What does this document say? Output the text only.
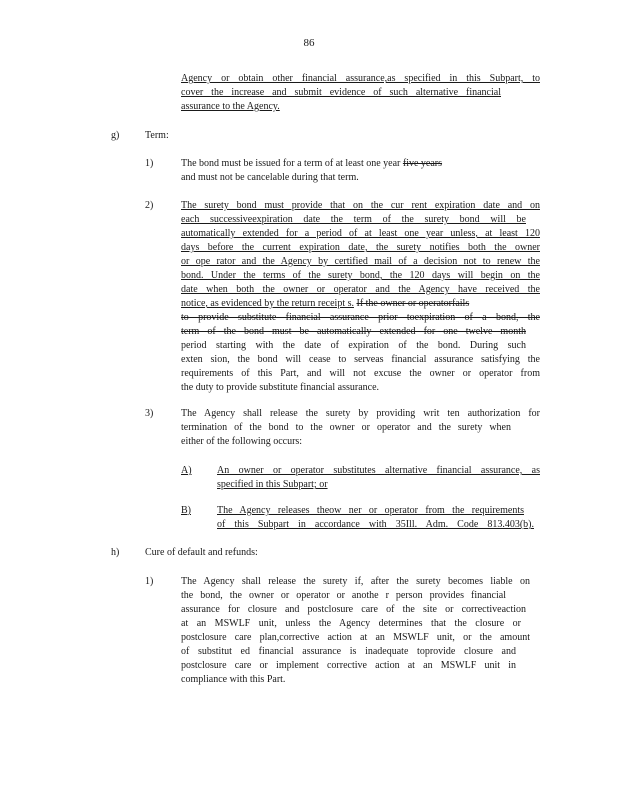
86
Agency or obtain other financial assurance,as specified in this Subpart, to
cover the increase and submit evidence of such alternative financial
assurance to the Agency.
g)	Term:
1)	The bond must be issued for a term of at least one year five years
and must not be cancelable during that term.
2)	The surety bond must provide that on the cur rent expiration date and on
each successiveexpiration date the term of the surety bond will be
automatically extended for a period of at least one year unless, at least 120
days before the current expiration date, the surety notifies both the owner
or ope rator and the Agency by certified mail of a decision not to renew the
bond. Under the terms of the surety bond, the 120 days will begin on the
date when both the owner or operator and the Agency have received the
notice, as evidenced by the return receipt s. If the owner or operatorfails
to provide substitute financial assurance prior toexpiration of a bond, the
term of the bond must be automatically extended for one twelve month
period starting with the date of expiration of the bond. During such
exten sion, the bond will cease to serveas financial assurance satisfying the
requirements of this Part, and will not excuse the owner or operator from
the duty to provide substitute financial assurance.
3)	The Agency shall release the surety by providing writ ten authorization for
termination of the bond to the owner or operator and the surety when
either of the following occurs:
A)	An owner or operator substitutes alternative financial assurance, as
specified in this Subpart; or
B)	The Agency releases theow ner or operator from the requirements
of this Subpart in accordance with 35Ill. Adm. Code 813.403(b).
h)	Cure of default and refunds:
1)	The Agency shall release the surety if, after the surety becomes liable on
the bond, the owner or operator or anothe r person provides financial
assurance for closure and postclosure care of the site or correctiveaction
at an MSWLF unit, unless the Agency determines that the closure or
postclosure care plan,corrective action at an MSWLF unit, or the amount
of substitut ed financial assurance is inadequate toprovide closure and
postclosure care or implement corrective action at an MSWLF unit in
compliance with this Part.
